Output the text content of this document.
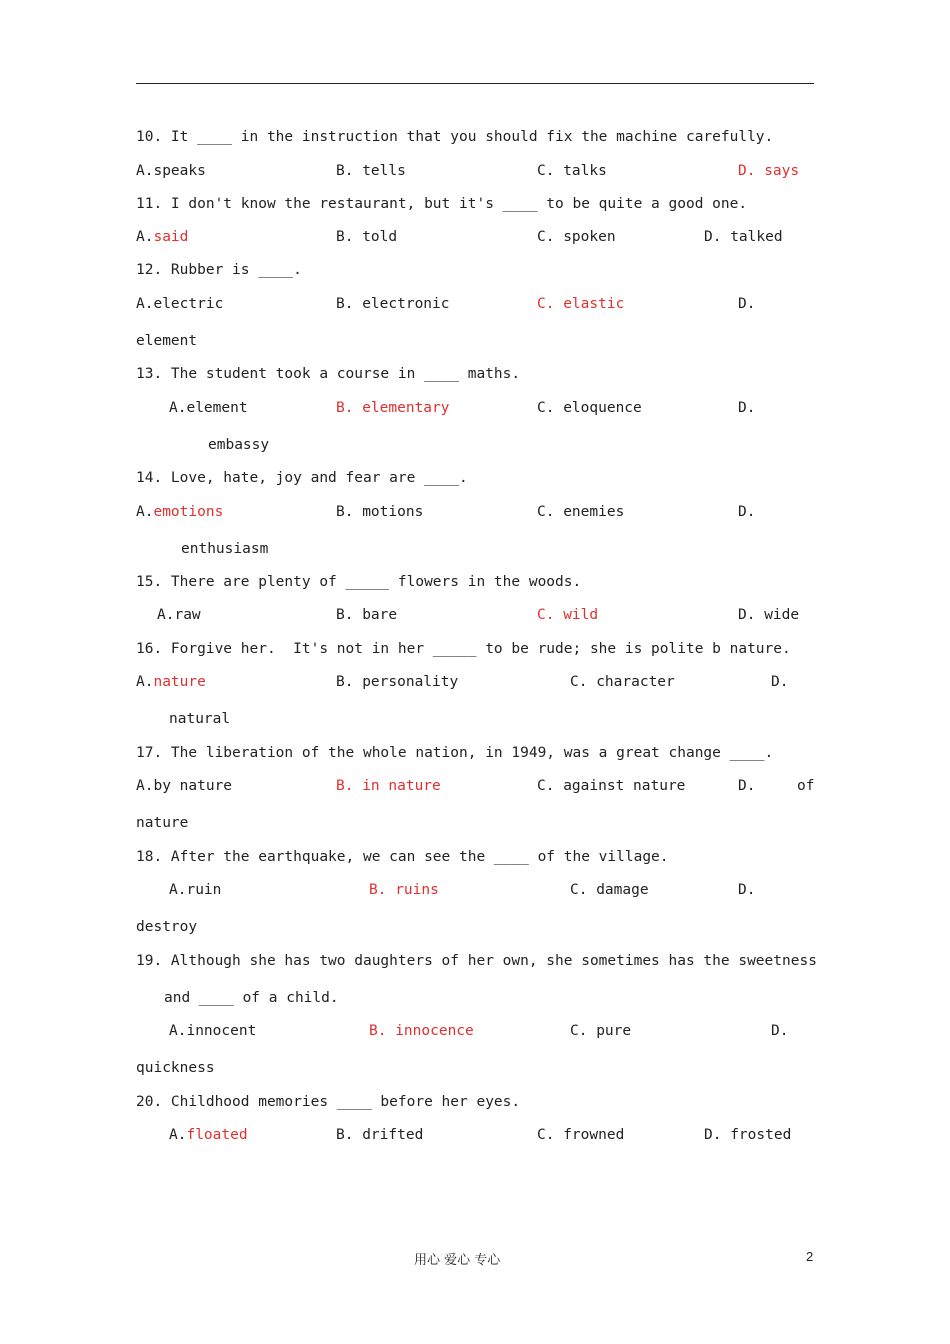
10. It ____ in the instruction that you should fix the machine carefully.
A.speaks	B. tells	C. talks	D. says
11. I don't know the restaurant, but it's ____ to be quite a good one.
A.said	B. told	C. spoken	D. talked
12. Rubber is ____.
A.electric	B. electronic	C. elastic	D.
element
13. The student took a course in ____ maths.
A.element	B. elementary	C. eloquence	D.
embassy
14. Love, hate, joy and fear are ____.
A.emotions	B. motions	C. enemies	D.
enthusiasm
15. There are plenty of _____ flowers in the woods.
A.raw	B. bare	C. wild	D. wide
16. Forgive her.  It's not in her _____ to be rude; she is polite b nature.
A.nature	B. personality	C. character	D.
natural
17. The liberation of the whole nation, in 1949, was a great change ____.
A.by nature	B. in nature	C. against nature	D.	of
nature
18. After the earthquake, we can see the ____ of the village.
A.ruin	B. ruins	C. damage	D.
destroy
19. Although she has two daughters of her own, she sometimes has the sweetness
and ____ of a child.
A.innocent	B. innocence	C. pure	D.
quickness
20. Childhood memories ____ before her eyes.
A.floated	B. drifted	C. frowned	D. frosted
用心 爱心 专心	2
